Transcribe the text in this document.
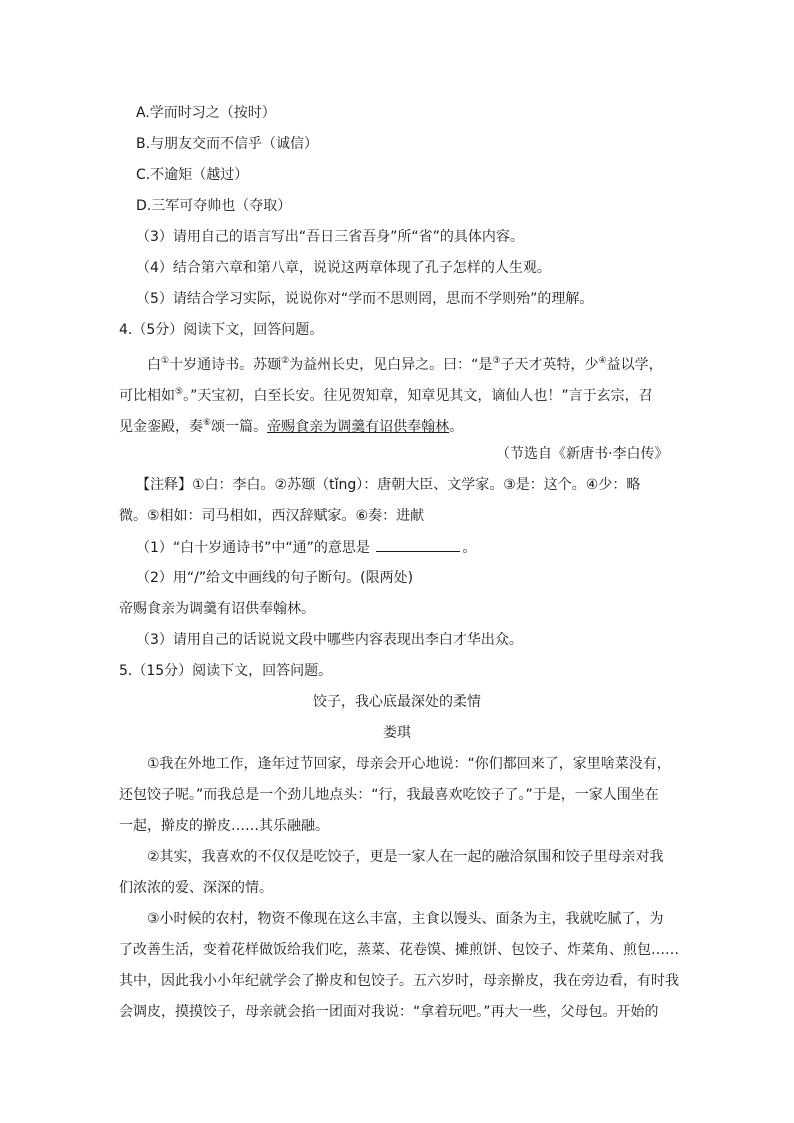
A.学而时习之（按时）
B.与朋友交而不信乎（诚信）
C.不逾矩（越过）
D.三军可夺帅也（夺取）
（3）请用自己的语言写出“吾日三省吾身”所“省”的具体内容。
（4）结合第六章和第八章，说说这两章体现了孔子怎样的人生观。
（5）请结合学习实际，说说你对“学而不思则罔，思而不学则殆”的理解。
4.（5分）阅读下文，回答问题。
白①十岁通诗书。苏颋②为益州长史，见白异之。曰：“是③子天才英特，少④益以学，
可比相如⑤。”天宝初，白至长安。往见贺知章，知章见其文，谪仙人也！”言于玄宗，召
见金銮殿，奏⑥颂一篇。帝赐食亲为调羹有诏供奉翰林。
（节选自《新唐书·李白传》
【注释】①白：李白。②苏颋（tǐng）：唐朝大臣、文学家。③是：这个。④少：略
微。⑤相如：司马相如，西汉辞赋家。⑥奏：进献
（1）“白十岁通诗书”中“通”的意思是	。
（2）用“/”给文中画线的句子断句。(限两处)
帝赐食亲为调羹有诏供奉翰林。
（3）请用自己的话说说文段中哪些内容表现出李白才华出众。
5.（15分）阅读下文，回答问题。
饺子，我心底最深处的柔情
娄琪
①我在外地工作，逢年过节回家，母亲会开心地说：“你们都回来了，家里啥菜没有，
还包饺子呢。”而我总是一个劲儿地点头：“行，我最喜欢吃饺子了。”于是，一家人围坐在
一起，擀皮的擀皮……其乐融融。
②其实，我喜欢的不仅仅是吃饺子，更是一家人在一起的融洽氛围和饺子里母亲对我
们浓浓的爱、深深的情。
③小时候的农村，物资不像现在这么丰富，主食以馒头、面条为主，我就吃腻了，为
了改善生活，变着花样做饭给我们吃，蒸菜、花卷馍、摊煎饼、包饺子、炸菜角、煎包……
其中，因此我小小年纪就学会了擀皮和包饺子。五六岁时，母亲擀皮，我在旁边看，有时我
会调皮，摸摸饺子，母亲就会掐一团面对我说：“拿着玩吧。”再大一些，父母包。开始的
